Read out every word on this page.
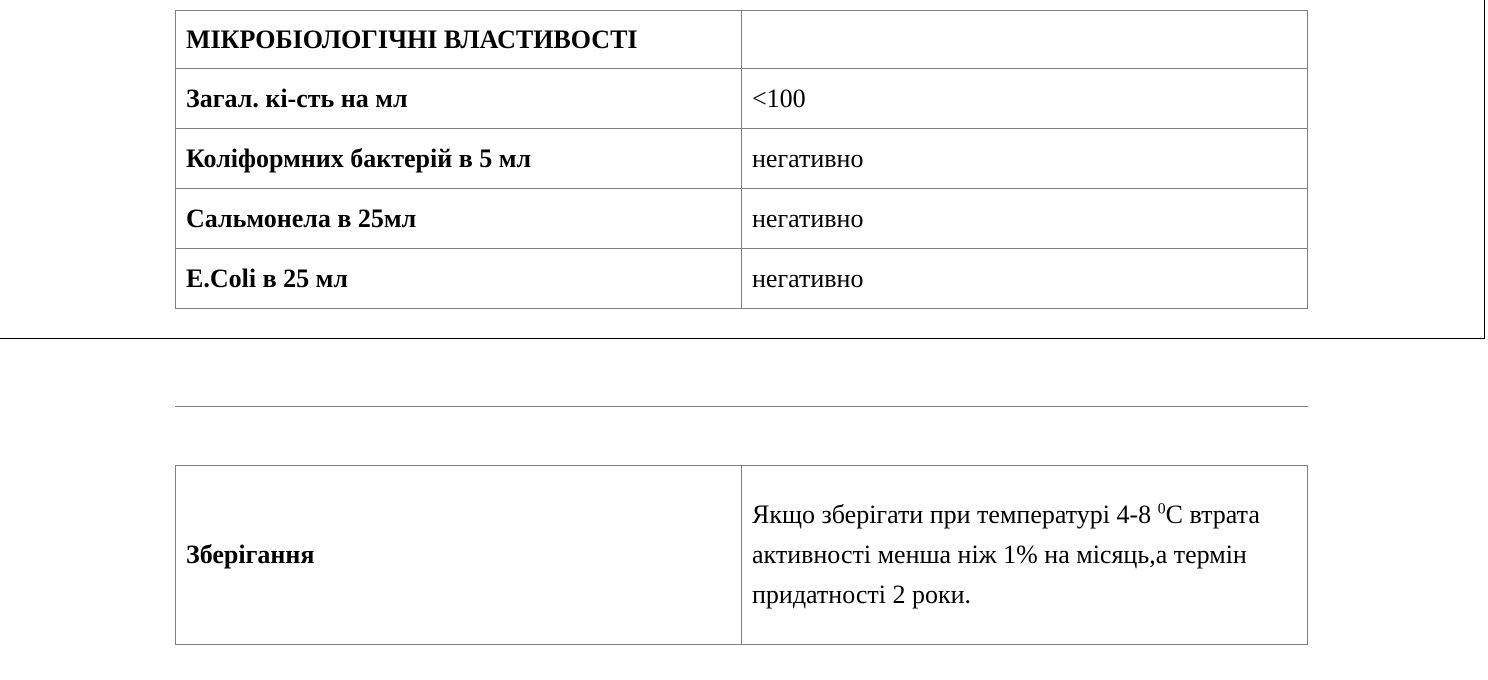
МІКРОБІОЛОГІЧНІ ВЛАСТИВОСТІ	
Загал. кі-сть на мл	<100
Коліформних бактерій в 5 мл	негативно
Сальмонела в 25мл	негативно
E.Coli в 25 мл	негативно
Зберігання	Якщо зберігати при температурі 4-8 $^0$С втрата активності менша ніж 1% на місяць,а термін придатності 2 роки.
